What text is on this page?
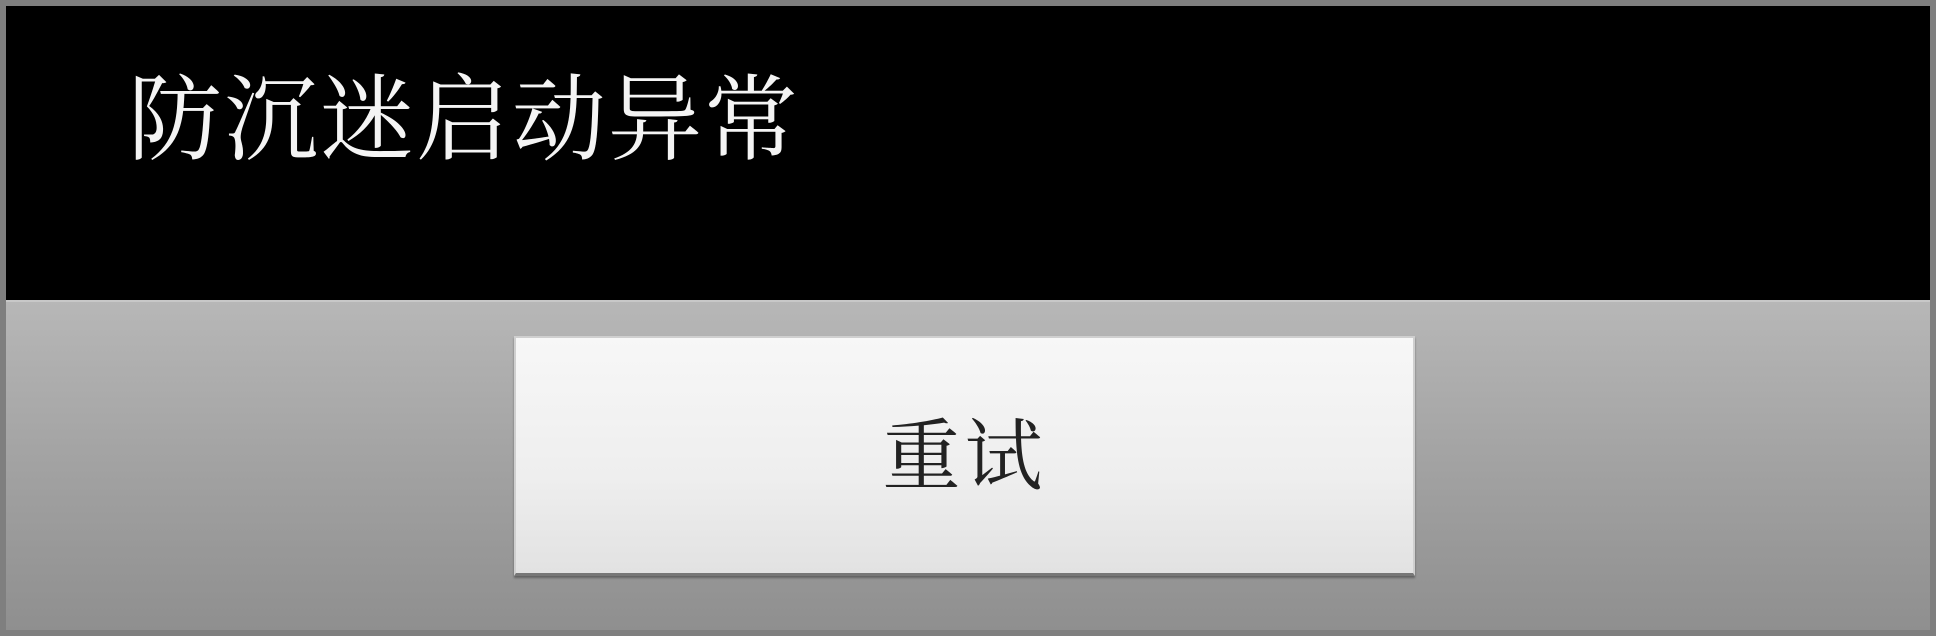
防沉迷启动异常
重试
